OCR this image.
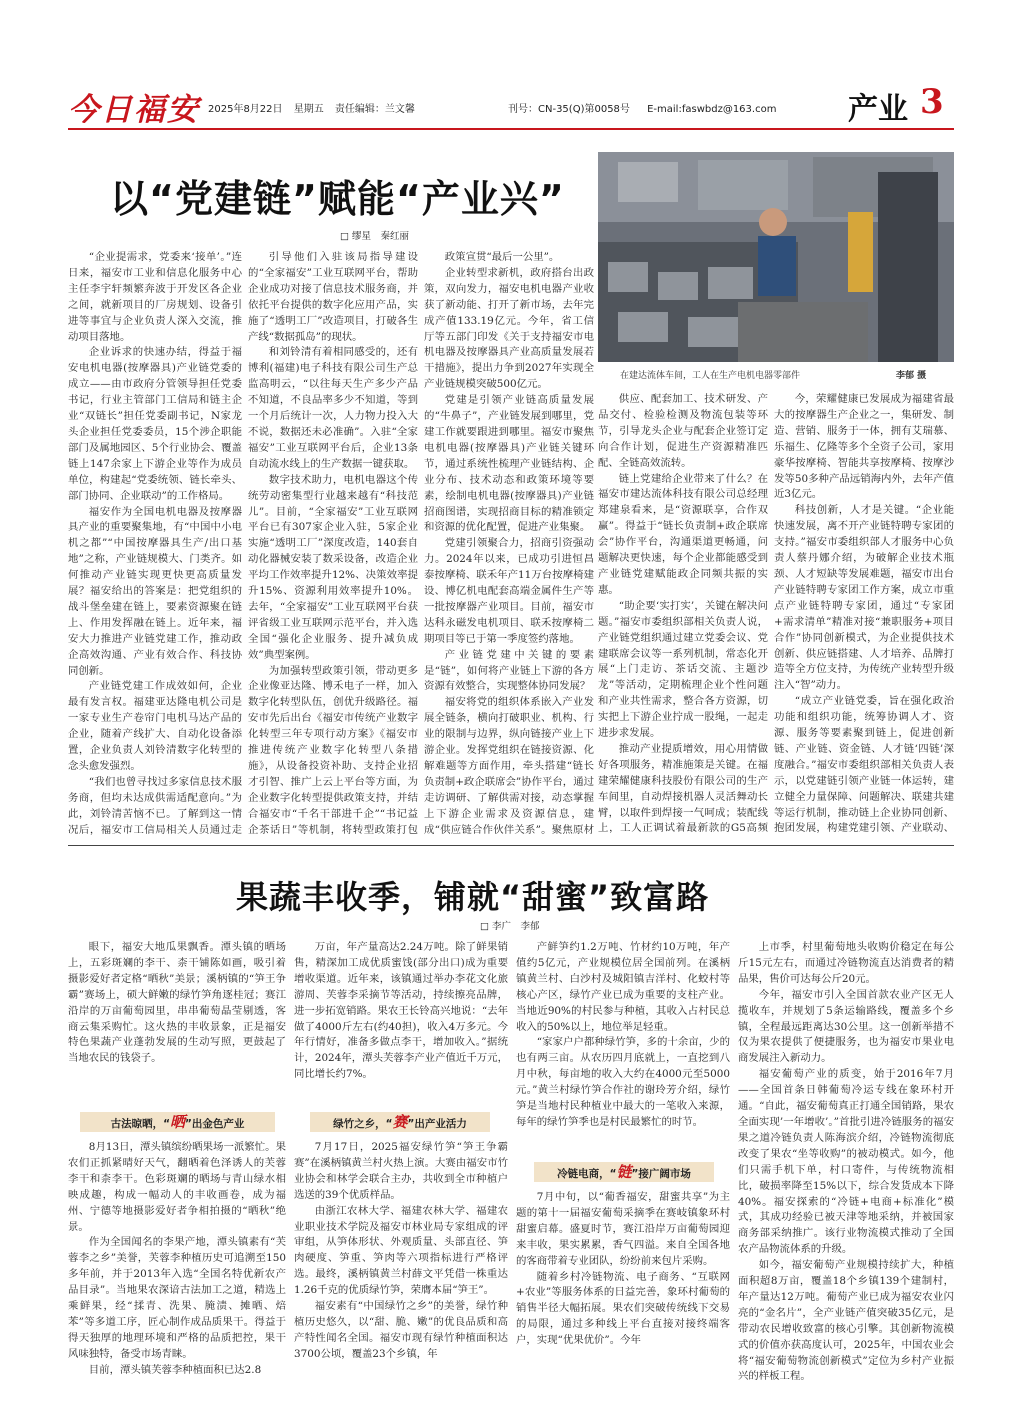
今日福安 2025年8月22日 星期五 责任编辑：兰文馨	刊号：CN-35(Q)第0058号 E-mail:faswbdz@163.com	产业 3
以“党建链”赋能“产业兴”
□ 缪星　秦红丽
在建达流体车间，工人在生产电机电器零部件	李郁 摄

“企业提需求，党委来‘接单’。”连日来，福安市工业和信息化服务中心主任李宇轩频繁奔波于开发区各企业之间，就新项目的厂房规划、设备引进等事宜与企业负责人深入交流，推动项目落地。

企业诉求的快速办结，得益于福安电机电器(按摩器具)产业链党委的成立——由市政府分管领导担任党委书记，行业主管部门工信局和链主企业“双链长”担任党委副书记，N家龙头企业担任党委委员，15个涉企职能部门及属地园区、5个行业协会、覆盖链上147余家上下游企业等作为成员单位，构建起“党委统领、链长牵头、部门协同、企业联动”的工作格局。

福安作为全国电机电器及按摩器具产业的重要聚集地，有“中国中小电机之都”“中国按摩器具生产/出口基地”之称，产业链规模大、门类齐。如何推动产业链实现更快更高质量发展？福安给出的答案是：把党组织的战斗堡垒建在链上，要素资源聚在链上、作用发挥融在链上。近年来，福安大力推进产业链党建工作，推动政企高效沟通、产业有效合作、科技协同创新。

产业链党建工作成效如何，企业最有发言权。福建亚达隆电机公司是一家专业生产卷帘门电机马达产品的企业，随着产线扩大、自动化设备添置，企业负责人刘铃清数字化转型的念头愈发强烈。

“我们也曾寻找过多家信息技术服务商，但均未达成供需适配意向。”为此，刘铃清苦恼不已。了解到这一情况后，福安市工信局相关人员通过走

引导他们入驻该局指导建设的“全家福安”工业互联网平台，帮助企业成功对接了信息技术服务商，并依托平台提供的数字化应用产品，实施了“透明工厂”改造项目，打破各生产线“数据孤岛”的现状。

和刘铃清有着相同感受的，还有博利(福建)电子科技有限公司生产总监高明云，“以往每天生产多少产品不知道，不良品率多少不知道，等到一个月后统计一次，人力物力投入大不说，数据还未必准确”。入驻“全家福安”工业互联网平台后，企业13条自动流水线上的生产数据一键获取。

数字技术助力，电机电器这个传统劳动密集型行业越来越有“科技范儿”。目前，“全家福安”工业互联网平台已有307家企业入驻，5家企业实施“透明工厂”深度改造，140套自动化器械安装了数采设备，改造企业平均工作效率提升12%、决策效率提升15%、资源利用效率提升10%。去年，“全家福安”工业互联网平台获评省级工业互联网示范平台，并入选全国“强化企业服务、提升减负成效”典型案例。

为加强转型政策引领，带动更多企业像亚达隆、博禾电子一样，加入数字化转型队伍，创优升级路径。福安市先后出台《福安市传统产业数字化转型三年专项行动方案》《福安市推进传统产业数字化转型八条措施》，从设备投资补助、支持企业招才引智、推广上云上平台等方面，为企业数字化转型提供政策支持，并结合福安市“千名干部进千企”“书记益企茶话日”等机制，将转型政策打包

政策宣贯“最后一公里”。

企业转型求新机，政府搭台出政策，双向发力，福安电机电器产业收获了新动能、打开了新市场，去年完成产值133.19亿元。今年，省工信厅等五部门印发《关于支持福安市电机电器及按摩器具产业高质量发展若干措施》，提出力争到2027年实现全产业链规模突破500亿元。

党建是引领产业链高质量发展的“牛鼻子”，产业链发展到哪里，党建工作就要跟进到哪里。福安市聚焦电机电器(按摩器具)产业链关键环节，通过系统性梳理产业链结构、企业分布、技术动态和政策环境等要素，绘制电机电器(按摩器具)产业链招商图谱，实现招商目标的精准锁定和资源的优化配置，促进产业集聚。

党建引领聚合力，招商引资强动力。2024年以来，已成功引进恒昌泰按摩椅、联禾年产11万台按摩椅建设、博亿机电配套高端金属件生产等一批按摩器产业项目。目前，福安市达科永磁发电机项目、联禾按摩椅二期项目等已于第一季度签约落地。

产业链党建中关键的要素是“链”，如何将产业链上下游的各方资源有效整合，实现整体协同发展？

福安将党的组织体系嵌入产业发展全链条，横向打破职业、机构、行业的限制与边界，纵向链接产业上下游企业。发挥党组织在链接资源、化解难题等方面作用，牵头搭建“链长负责制+政企联席会”协作平台，通过走访调研、了解供需对接，动态掌握上下游企业需求及资源信息，建成“供应链合作伙伴关系”。聚焦原材

供应、配套加工、技术研发、产品交付、检验检测及物流包装等环节，引导龙头企业与配套企业签订定向合作计划，促进生产资源精准匹配、全链高效流转。

链上党建给企业带来了什么？在福安市建达流体科技有限公司总经理郑建泉看来，是“资源联享，合作双赢”。得益于“链长负责制+政企联席会”协作平台，沟通渠道更畅通，问题解决更快速，每个企业都能感受到产业链党建赋能政企同频共振的实惠。

“助企要‘实打实’，关键在解决问题。”福安市委组织部相关负责人说，产业链党组织通过建立党委会议、党建联席会议等一系列机制，常态化开展“上门走访、茶话交流、主题沙龙”等活动，定期梳理企业个性问题和产业共性需求，整合各方资源，切实把上下游企业拧成一股绳，一起走进步求发展。

推动产业提质增效，用心用情做好各项服务，精准施策是关键。在福建荣耀健康科技股份有限公司的生产车间里，自动焊接机器人灵活舞动长臂，以取件到焊接一气呵成；装配线上，工人正调试着最新款的G5高频

今，荣耀健康已发展成为福建省最大的按摩器生产企业之一，集研发、制造、营销、服务于一体，拥有艾瑞慕、乐福生、亿隆等多个全资子公司，家用豪华按摩椅、智能共享按摩椅、按摩沙发等50多种产品远销海内外，去年产值近3亿元。

科技创新，人才是关键。“企业能快速发展，离不开产业链特聘专家团的支持。”福安市委组织部人才服务中心负责人蔡丹娜介绍，为破解企业技术瓶颈、人才短缺等发展难题，福安市出台产业链特聘专家团工作方案，成立市重点产业链特聘专家团，通过“专家团+需求清单”精准对接“兼职服务+项目合作”协同创新模式，为企业提供技术创新、供应链搭建、人才培养、品牌打造等全方位支持，为传统产业转型升级注入“智”动力。

“成立产业链党委，旨在强化政治功能和组织功能，统筹协调人才、资源、服务等要素聚到链上，促进创新链、产业链、资金链、人才链‘四链’深度融合。”福安市委组织部相关负责人表示，以党建链引领产业链一体运转，建立健全力量保障、问题解决、联建共建等运行机制，推动链上企业协同创新、抱团发展，构建党建引领、产业联动、

果蔬丰收季，铺就“甜蜜”致富路
□ 李广　李郁

眼下，福安大地瓜果飘香。潭头镇的晒场上，五彩斑斓的李干、柰干铺陈如画，吸引着摄影爱好者定格“晒秋”美景；溪柄镇的“笋王争霸”赛场上，硕大鲜嫩的绿竹笋角逐桂冠；赛江沿岸的万亩葡萄园里，串串葡萄晶莹剔透，客商云集采购忙。这火热的丰收景象，正是福安特色果蔬产业蓬勃发展的生动写照，更鼓起了当地农民的钱袋子。

古法晾晒，“晒”出金色产业

8月13日，潭头镇缤纷晒果场一派繁忙。果农们正抓紧晴好天气，翻晒着色泽诱人的芙蓉李干和柰李干。色彩斑斓的晒场与青山绿水相映成趣，构成一幅动人的丰收画卷，成为福州、宁德等地摄影爱好者争相拍摄的“晒秋”绝景。

作为全国闻名的李果产地，潭头镇素有“芙蓉李之乡”美誉，芙蓉李种植历史可追溯至150多年前，并于2013年入选“全国名特优新农产品目录”。当地果农深谙古法加工之道，精选上乘鲜果，经“揉青、洗果、腌渍、摊晒、焙苯”等多道工序，匠心制作成品质果干。得益于得天独厚的地理环境和严格的品质把控，果干风味独特，备受市场青睐。

目前，潭头镇芙蓉李种植面积已达2.8

万亩，年产量高达2.24万吨。除了鲜果销售，精深加工成优质蜜饯(部分出口)成为重要增收渠道。近年来，该镇通过举办李花文化旅游周、芙蓉李采摘节等活动，持续擦亮品牌，进一步拓宽销路。果农王长铃高兴地说：“去年做了4000斤左右(约40担)，收入4万多元。今年行情好，准备多做点李干，增加收入。”据统计，2024年，潭头芙蓉李产业产值近千万元，同比增长约7%。

绿竹之乡，“赛”出产业活力

7月17日，2025福安绿竹笋“笋王争霸赛”在溪柄镇黄兰村火热上演。大赛由福安市竹业协会和林学会联合主办，共收到全市种植户选送的39个优质样品。

由浙江农林大学、福建农林大学、福建农业职业技术学院及福安市林业局专家组成的评审组，从笋体形状、外观质量、头部直径、笋肉硬度、笋重、笋肉等六项指标进行严格评选。最终，溪柄镇黄兰村薛文平凭借一株重达1.26千克的优质绿竹笋，荣膺本届“笋王”。

福安素有“中国绿竹之乡”的美誉，绿竹种植历史悠久，以“甜、脆、嫩”的优良品质和高产特性闻名全国。福安市现有绿竹种植面积达3700公顷，覆盖23个乡镇，年

产鲜笋约1.2万吨、竹材约10万吨，年产值约5亿元，产业规模位居全国前列。在溪柄镇黄兰村、白沙村及城阳镇吉洋村、化蛟村等核心产区，绿竹产业已成为重要的支柱产业。当地近90%的村民参与种植，其收入占村民总收入的50%以上，地位举足轻重。

“家家户户都种绿竹笋，多的十余亩，少的也有两三亩。从农历四月底就上，一直挖到八月中秋，每亩地的收入大约在4000元至5000元。”黄兰村绿竹笋合作社的谢玲芳介绍，绿竹笋是当地村民种植业中最大的一笔收入来源，每年的绿竹笋季也是村民最繁忙的时节。

冷链电商，“链”接广阔市场

7月中旬，以“葡香福安，甜蜜共享”为主题的第十一届福安葡萄采摘季在赛岐镇象环村甜蜜启幕。盛夏时节，赛江沿岸万亩葡萄园迎来丰收，果实累累，香气四溢。来自全国各地的客商带着专业团队，纷纷前来包片采购。

随着乡村冷链物流、电子商务、“互联网+农业”等服务体系的日益完善，象环村葡萄的销售半径大幅拓展。果农们突破传统线下交易的局限，通过多种线上平台直接对接终端客户，实现“优果优价”。今年

上市季，村里葡萄地头收购价稳定在每公斤15元左右，而通过冷链物流直达消费者的精品果，售价可达每公斤20元。

今年，福安市引入全国首款农业产区无人揽收车，并规划了5条运输路线，覆盖多个乡镇，全程最远距离达30公里。这一创新举措不仅为果农提供了便捷服务，也为福安市果业电商发展注入新动力。

福安葡萄产业的质变，始于2016年7月——全国首条日韩葡萄冷运专线在象环村开通。“自此，福安葡萄真正打通全国销路，果农全面实现’一年增收’。”首批引进冷链服务的福安果之道冷链负责人陈海滨介绍，冷链物流彻底改变了果农“坐等收购”的被动模式。如今，他们只需手机下单，村口寄件，与传统物流相比，破损率降至15%以下，综合发货成本下降40%。福安探索的“冷链+电商+标准化”模式，其成功经验已被天津等地采纳，并被国家商务部采纳推广。该行业物流模式推动了全国农产品物流体系的升级。

如今，福安葡萄产业规模持续扩大，种植面积超8万亩，覆盖18个乡镇139个建制村，年产量达12万吨。葡萄产业已成为福安农业闪亮的“金名片”，全产业链产值突破35亿元，是带动农民增收致富的核心引擎。其创新物流模式的价值亦获高度认可，2025年，中国农业会将“福安葡萄物流创新模式”定位为乡村产业振兴的样板工程。
